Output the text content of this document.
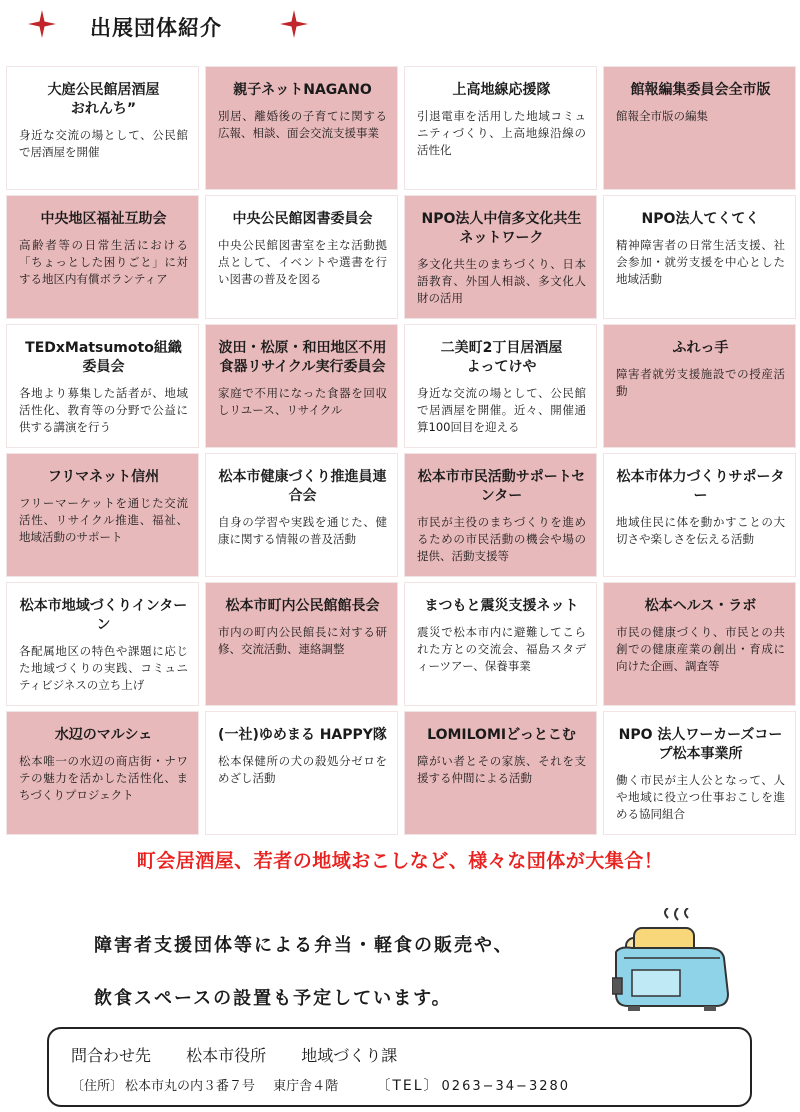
出展団体紹介
大庭公民館居酒屋
おれんち”
身近な交流の場として、公民館で居酒屋を開催
親子ネットNAGANO
別居、離婚後の子育てに関する広報、相談、面会交流支援事業
上高地線応援隊
引退電車を活用した地域コミュニティづくり、上高地線沿線の活性化
館報編集委員会全市版
館報全市版の編集
中央地区福祉互助会
高齢者等の日常生活における「ちょっとした困りごと」に対する地区内有償ボランティア
中央公民館図書委員会
中央公民館図書室を主な活動拠点として、イベントや選書を行い図書の普及を図る
NPO法人中信多文化共生ネットワーク
多文化共生のまちづくり、日本語教育、外国人相談、多文化人財の活用
NPO法人てくてく
精神障害者の日常生活支援、社会参加・就労支援を中心とした地域活動
TEDxMatsumoto組織委員会
各地より募集した話者が、地域活性化、教育等の分野で公益に供する講演を行う
波田・松原・和田地区不用食器リサイクル実行委員会
家庭で不用になった食器を回収しリユース、リサイクル
二美町2丁目居酒屋
よってけや
身近な交流の場として、公民館で居酒屋を開催。近々、開催通算100回目を迎える
ふれっ手
障害者就労支援施設での授産活動
フリマネット信州
フリーマーケットを通じた交流活性、リサイクル推進、福祉、地域活動のサポート
松本市健康づくり推進員連合会
自身の学習や実践を通じた、健康に関する情報の普及活動
松本市市民活動サポートセンター
市民が主役のまちづくりを進めるための市民活動の機会や場の提供、活動支援等
松本市体力づくりサポーター
地域住民に体を動かすことの大切さや楽しさを伝える活動
松本市地域づくりインターン
各配属地区の特色や課題に応じた地域づくりの実践、コミュニティビジネスの立ち上げ
松本市町内公民館館長会
市内の町内公民館長に対する研修、交流活動、連絡調整
まつもと震災支援ネット
震災で松本市内に避難してこられた方との交流会、福島スタディーツアー、保養事業
松本ヘルス・ラボ
市民の健康づくり、市民との共創での健康産業の創出・育成に向けた企画、調査等
水辺のマルシェ
松本唯一の水辺の商店街・ナワテの魅力を活かした活性化、まちづくりプロジェクト
(一社)ゆめまる HAPPY隊
松本保健所の犬の殺処分ゼロをめざし活動
LOMILOMIどっとこむ
障がい者とその家族、それを支援する仲間による活動
NPO 法人ワーカーズコープ松本事業所
働く市民が主人公となって、人や地域に役立つ仕事おこしを進める協同組合
町会居酒屋、若者の地域おこしなど、様々な団体が大集合！
障害者支援団体等による弁当・軽食の販売や、
飲食スペースの設置も予定しています。
問合わせ先 松本市役所 地域づくり課
〔住所〕 松本市丸の内３番７号 東庁舎４階	〔TEL〕 0263−34−3280
